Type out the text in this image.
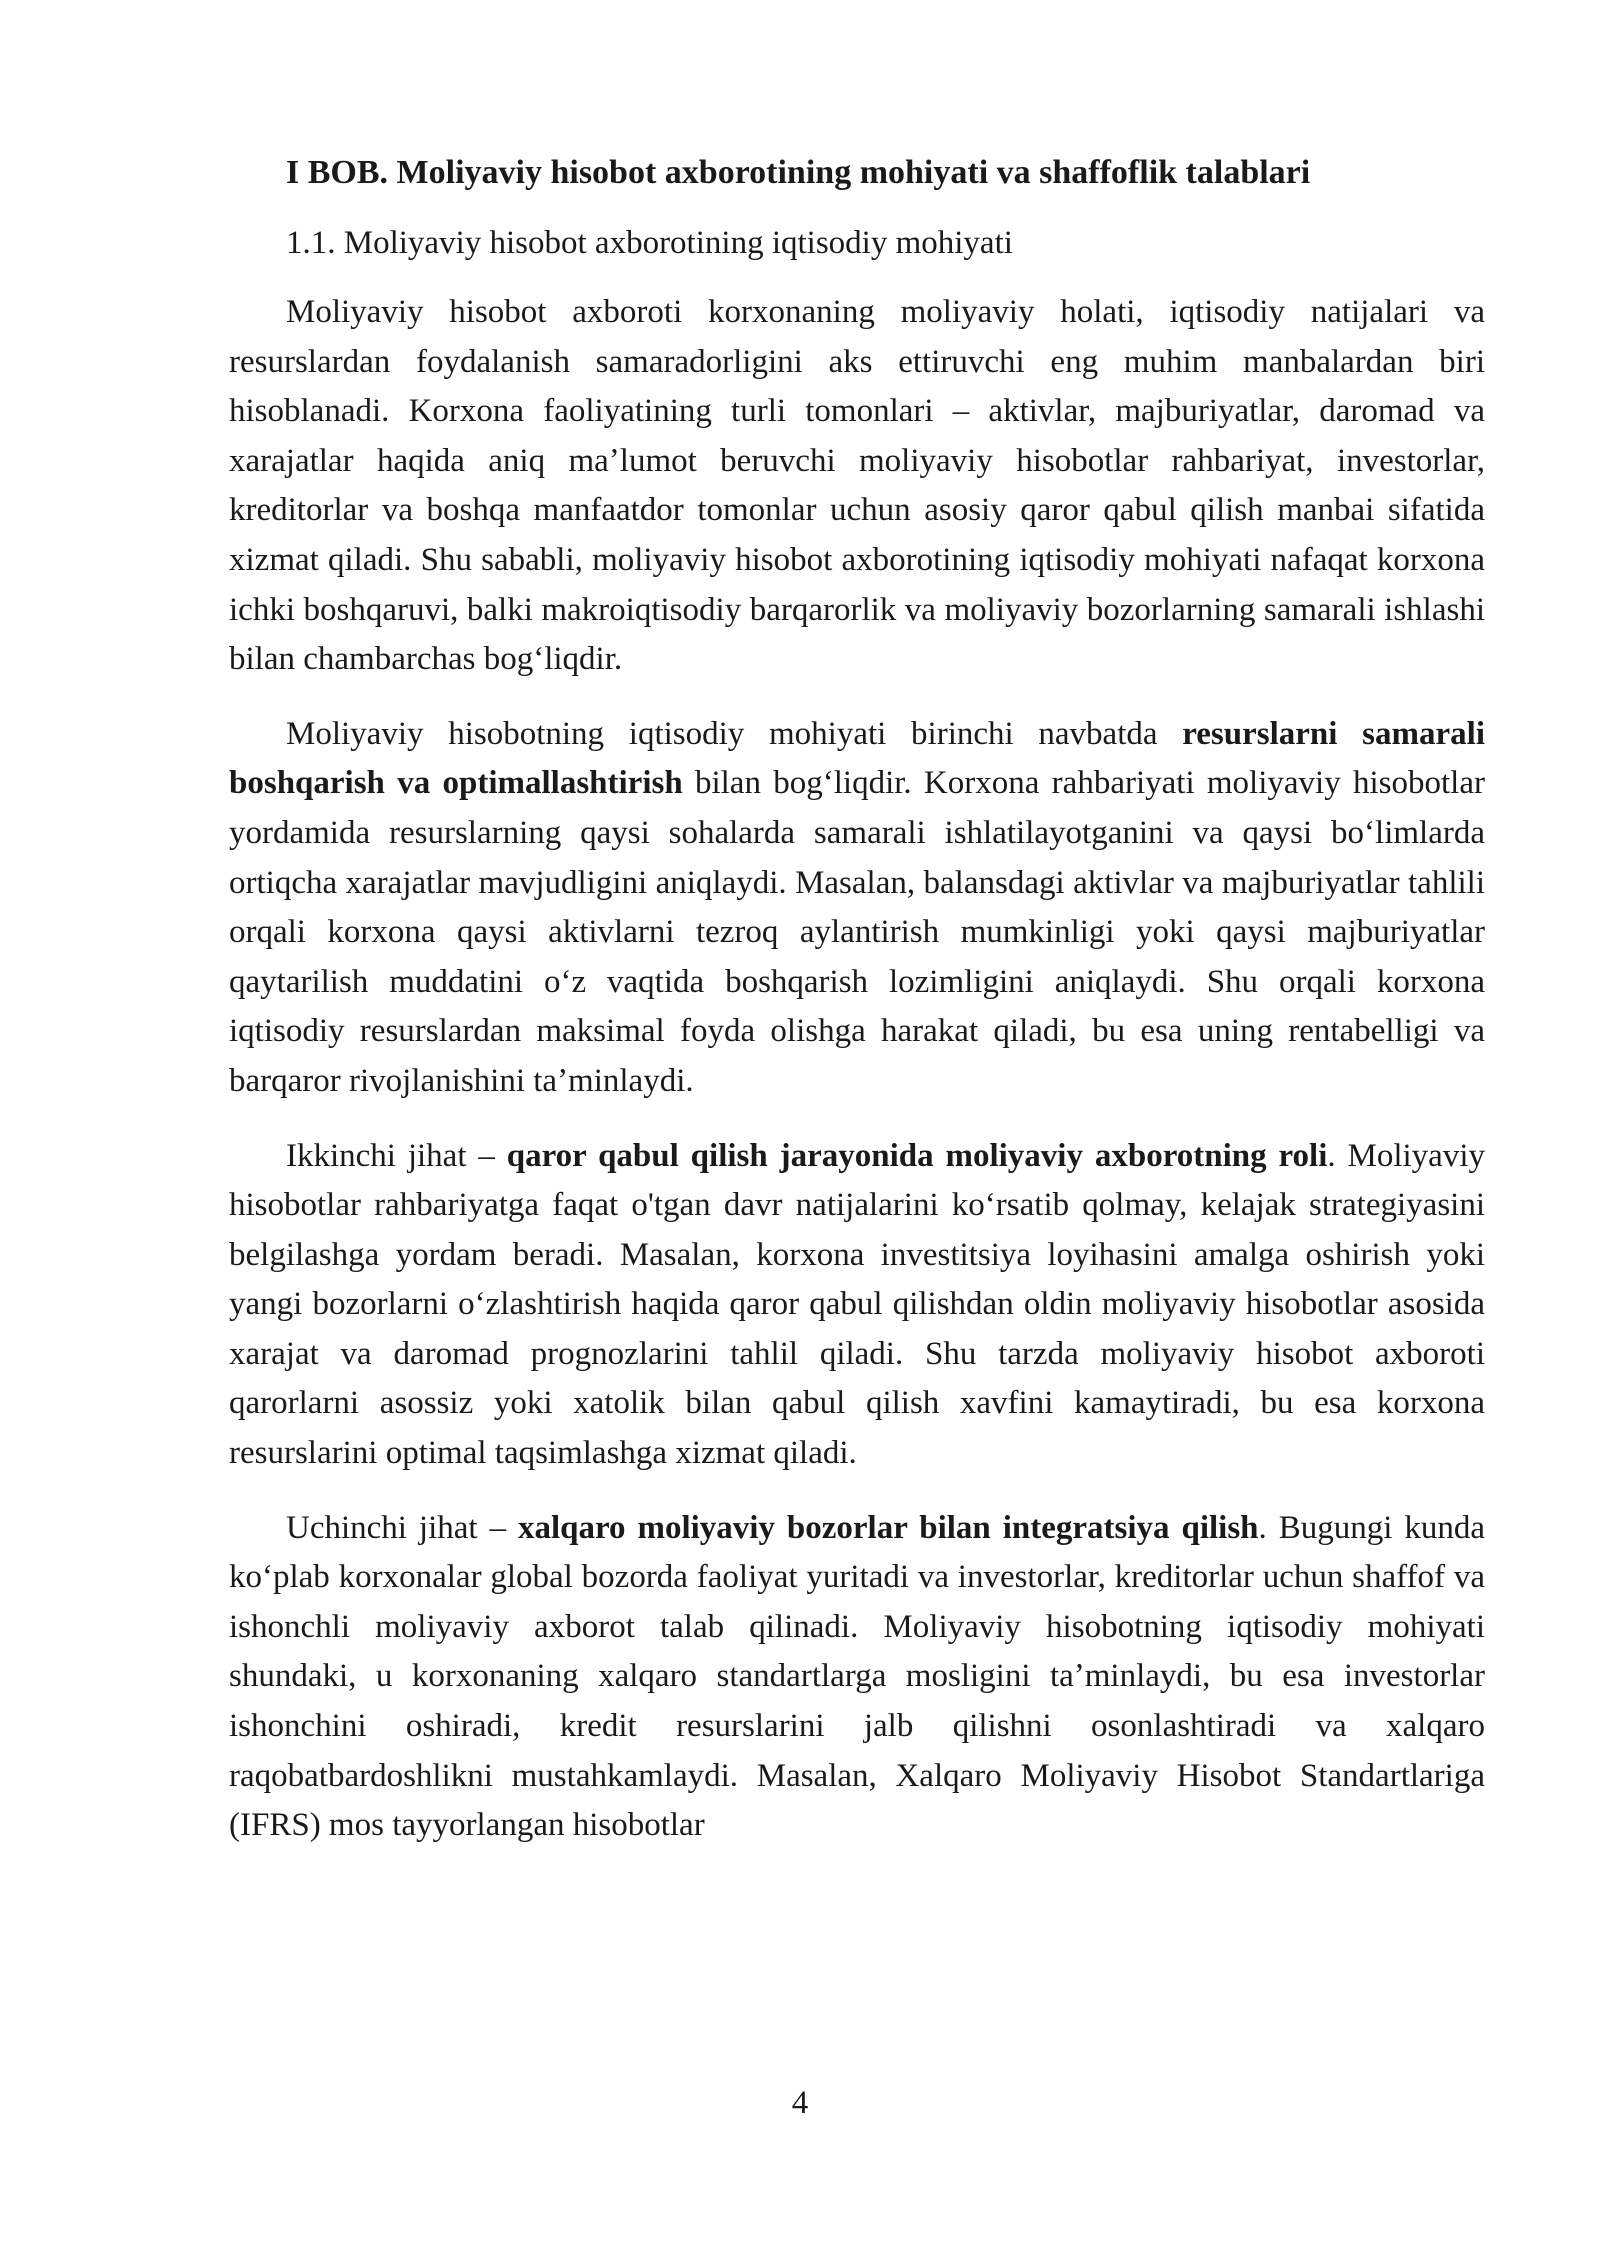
I BOB. Moliyaviy hisobot axborotining mohiyati va shaffoflik talablari
1.1. Moliyaviy hisobot axborotining iqtisodiy mohiyati

Moliyaviy hisobot axboroti korxonaning moliyaviy holati, iqtisodiy natijalari va resurslardan foydalanish samaradorligini aks ettiruvchi eng muhim manbalardan biri hisoblanadi. Korxona faoliyatining turli tomonlari – aktivlar, majburiyatlar, daromad va xarajatlar haqida aniq maʼlumot beruvchi moliyaviy hisobotlar rahbariyat, investorlar, kreditorlar va boshqa manfaatdor tomonlar uchun asosiy qaror qabul qilish manbai sifatida xizmat qiladi. Shu sababli, moliyaviy hisobot axborotining iqtisodiy mohiyati nafaqat korxona ichki boshqaruvi, balki makroiqtisodiy barqarorlik va moliyaviy bozorlarning samarali ishlashi bilan chambarchas bogʻliqdir.

Moliyaviy hisobotning iqtisodiy mohiyati birinchi navbatda resurslarni samarali boshqarish va optimallashtirish bilan bogʻliqdir. Korxona rahbariyati moliyaviy hisobotlar yordamida resurslarning qaysi sohalarda samarali ishlatilayotganini va qaysi boʻlimlarda ortiqcha xarajatlar mavjudligini aniqlaydi. Masalan, balansdagi aktivlar va majburiyatlar tahlili orqali korxona qaysi aktivlarni tezroq aylantirish mumkinligi yoki qaysi majburiyatlar qaytarilish muddatini oʻz vaqtida boshqarish lozimligini aniqlaydi. Shu orqali korxona iqtisodiy resurslardan maksimal foyda olishga harakat qiladi, bu esa uning rentabelligi va barqaror rivojlanishini taʼminlaydi.

Ikkinchi jihat – qaror qabul qilish jarayonida moliyaviy axborotning roli. Moliyaviy hisobotlar rahbariyatga faqat o'tgan davr natijalarini koʻrsatib qolmay, kelajak strategiyasini belgilashga yordam beradi. Masalan, korxona investitsiya loyihasini amalga oshirish yoki yangi bozorlarni oʻzlashtirish haqida qaror qabul qilishdan oldin moliyaviy hisobotlar asosida xarajat va daromad prognozlarini tahlil qiladi. Shu tarzda moliyaviy hisobot axboroti qarorlarni asossiz yoki xatolik bilan qabul qilish xavfini kamaytiradi, bu esa korxona resurslarini optimal taqsimlashga xizmat qiladi.

Uchinchi jihat – xalqaro moliyaviy bozorlar bilan integratsiya qilish. Bugungi kunda koʻplab korxonalar global bozorda faoliyat yuritadi va investorlar, kreditorlar uchun shaffof va ishonchli moliyaviy axborot talab qilinadi. Moliyaviy hisobotning iqtisodiy mohiyati shundaki, u korxonaning xalqaro standartlarga mosligini taʼminlaydi, bu esa investorlar ishonchini oshiradi, kredit resurslarini jalb qilishni osonlashtiradi va xalqaro raqobatbardoshlikni mustahkamlaydi. Masalan, Xalqaro Moliyaviy Hisobot Standartlariga (IFRS) mos tayyorlangan hisobotlar

4
